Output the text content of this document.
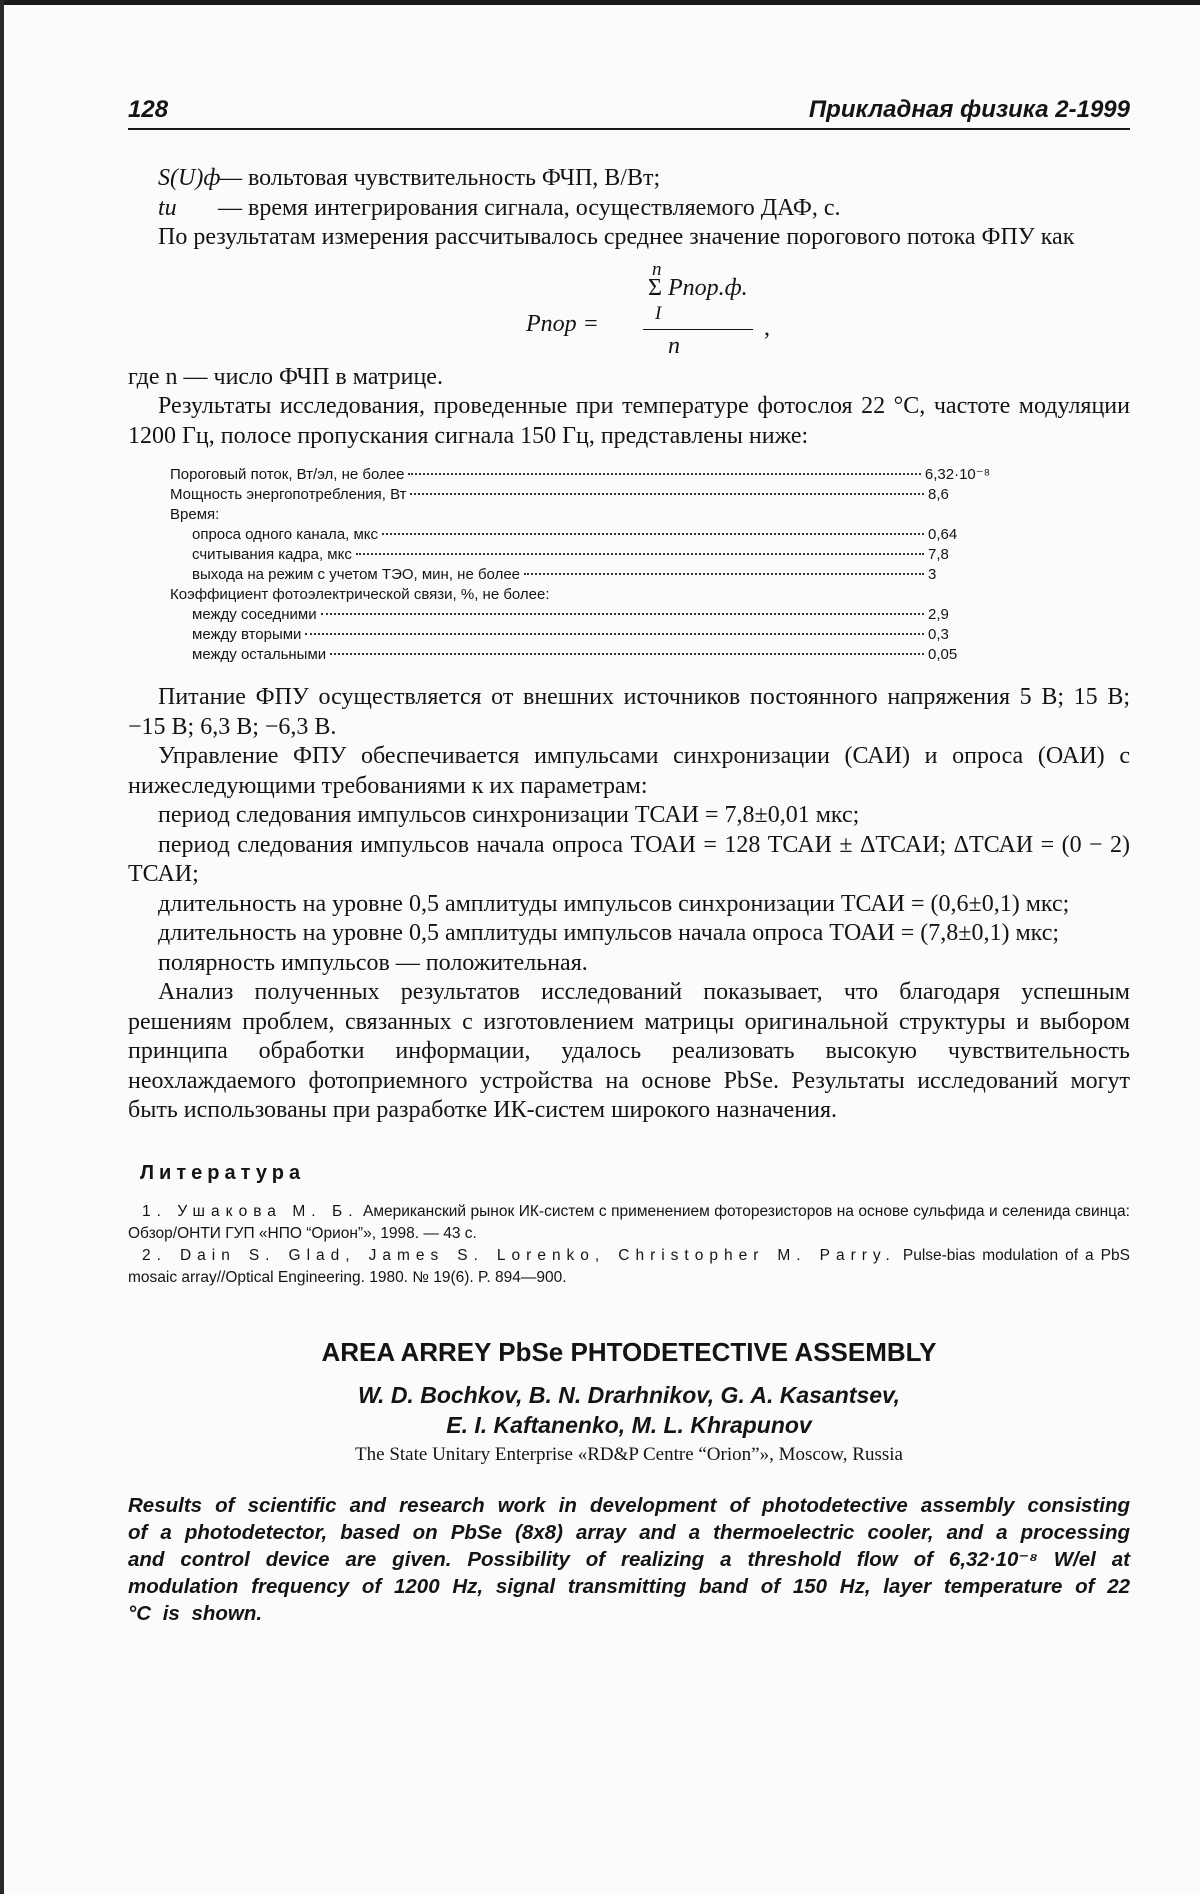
128	Прикладная физика 2-1999
S(U)ф — вольтовая чувствительность ФЧП, В/Вт;
tи — время интегрирования сигнала, осуществляемого ДАФ, с.

По результатам измерения рассчитывалось среднее значение порогового потока ФПУ как

n
Σ Pпор.ф.
I
Pпор =
n
,

где n — число ФЧП в матрице.

Результаты исследования, проведенные при температуре фотослоя 22 °С, частоте модуляции 1200 Гц, полосе пропускания сигнала 150 Гц, представлены ниже:

Пороговый поток, Вт/эл, не более	6,32·10⁻⁸
Мощность энергопотребления, Вт	8,6
Время:
опроса одного канала, мкс	0,64
считывания кадра, мкс	7,8
выхода на режим с учетом ТЭО, мин, не более	3
Коэффициент фотоэлектрической связи, %, не более:
между соседними	2,9
между вторыми	0,3
между остальными	0,05

Питание ФПУ осуществляется от внешних источников постоянного напряжения 5 В; 15 В; −15 В; 6,3 В; −6,3 В.

Управление ФПУ обеспечивается импульсами синхронизации (САИ) и опроса (ОАИ) с нижеследующими требованиями к их параметрам:

период следования импульсов синхронизации TСАИ = 7,8±0,01 мкс;

период следования импульсов начала опроса TОАИ = 128 TСАИ ± ΔTСАИ; ΔTСАИ = (0 − 2) TСАИ;

длительность на уровне 0,5 амплитуды импульсов синхронизации TСАИ = (0,6±0,1) мкс;

длительность на уровне 0,5 амплитуды импульсов начала опроса TОАИ = (7,8±0,1) мкс;

полярность импульсов — положительная.

Анализ полученных результатов исследований показывает, что благодаря успешным решениям проблем, связанных с изготовлением матрицы оригинальной структуры и выбором принципа обработки информации, удалось реализовать высокую чувствительность неохлаждаемого фотоприемного устройства на основе PbSe. Результаты исследований могут быть использованы при разработке ИК-систем широкого назначения.

Литература
1. Ушакова М. Б. Американский рынок ИК-систем с применением фоторезисторов на основе сульфида и селенида свинца: Обзор/ОНТИ ГУП «НПО “Орион”», 1998. — 43 с.
2. Dain S. Glad, James S. Lorenko, Christopher M. Parry. Pulse-bias modulation of a PbS mosaic array//Optical Engineering. 1980. № 19(6). P. 894—900.
AREA ARREY PbSe PHTODETECTIVE ASSEMBLY
W. D. Bochkov, B. N. Drarhnikov, G. A. Kasantsev,
E. I. Kaftanenko, M. L. Khrapunov
The State Unitary Enterprise «RD&P Centre “Orion”», Moscow, Russia

Results of scientific and research work in development of photodetective assembly consisting of a photodetector, based on PbSe (8x8) array and a thermoelectric cooler, and a processing and control device are given. Possibility of realizing a threshold flow of 6,32·10⁻⁸ W/el at modulation frequency of 1200 Hz, signal transmitting band of 150 Hz, layer temperature of 22 °C is shown.
